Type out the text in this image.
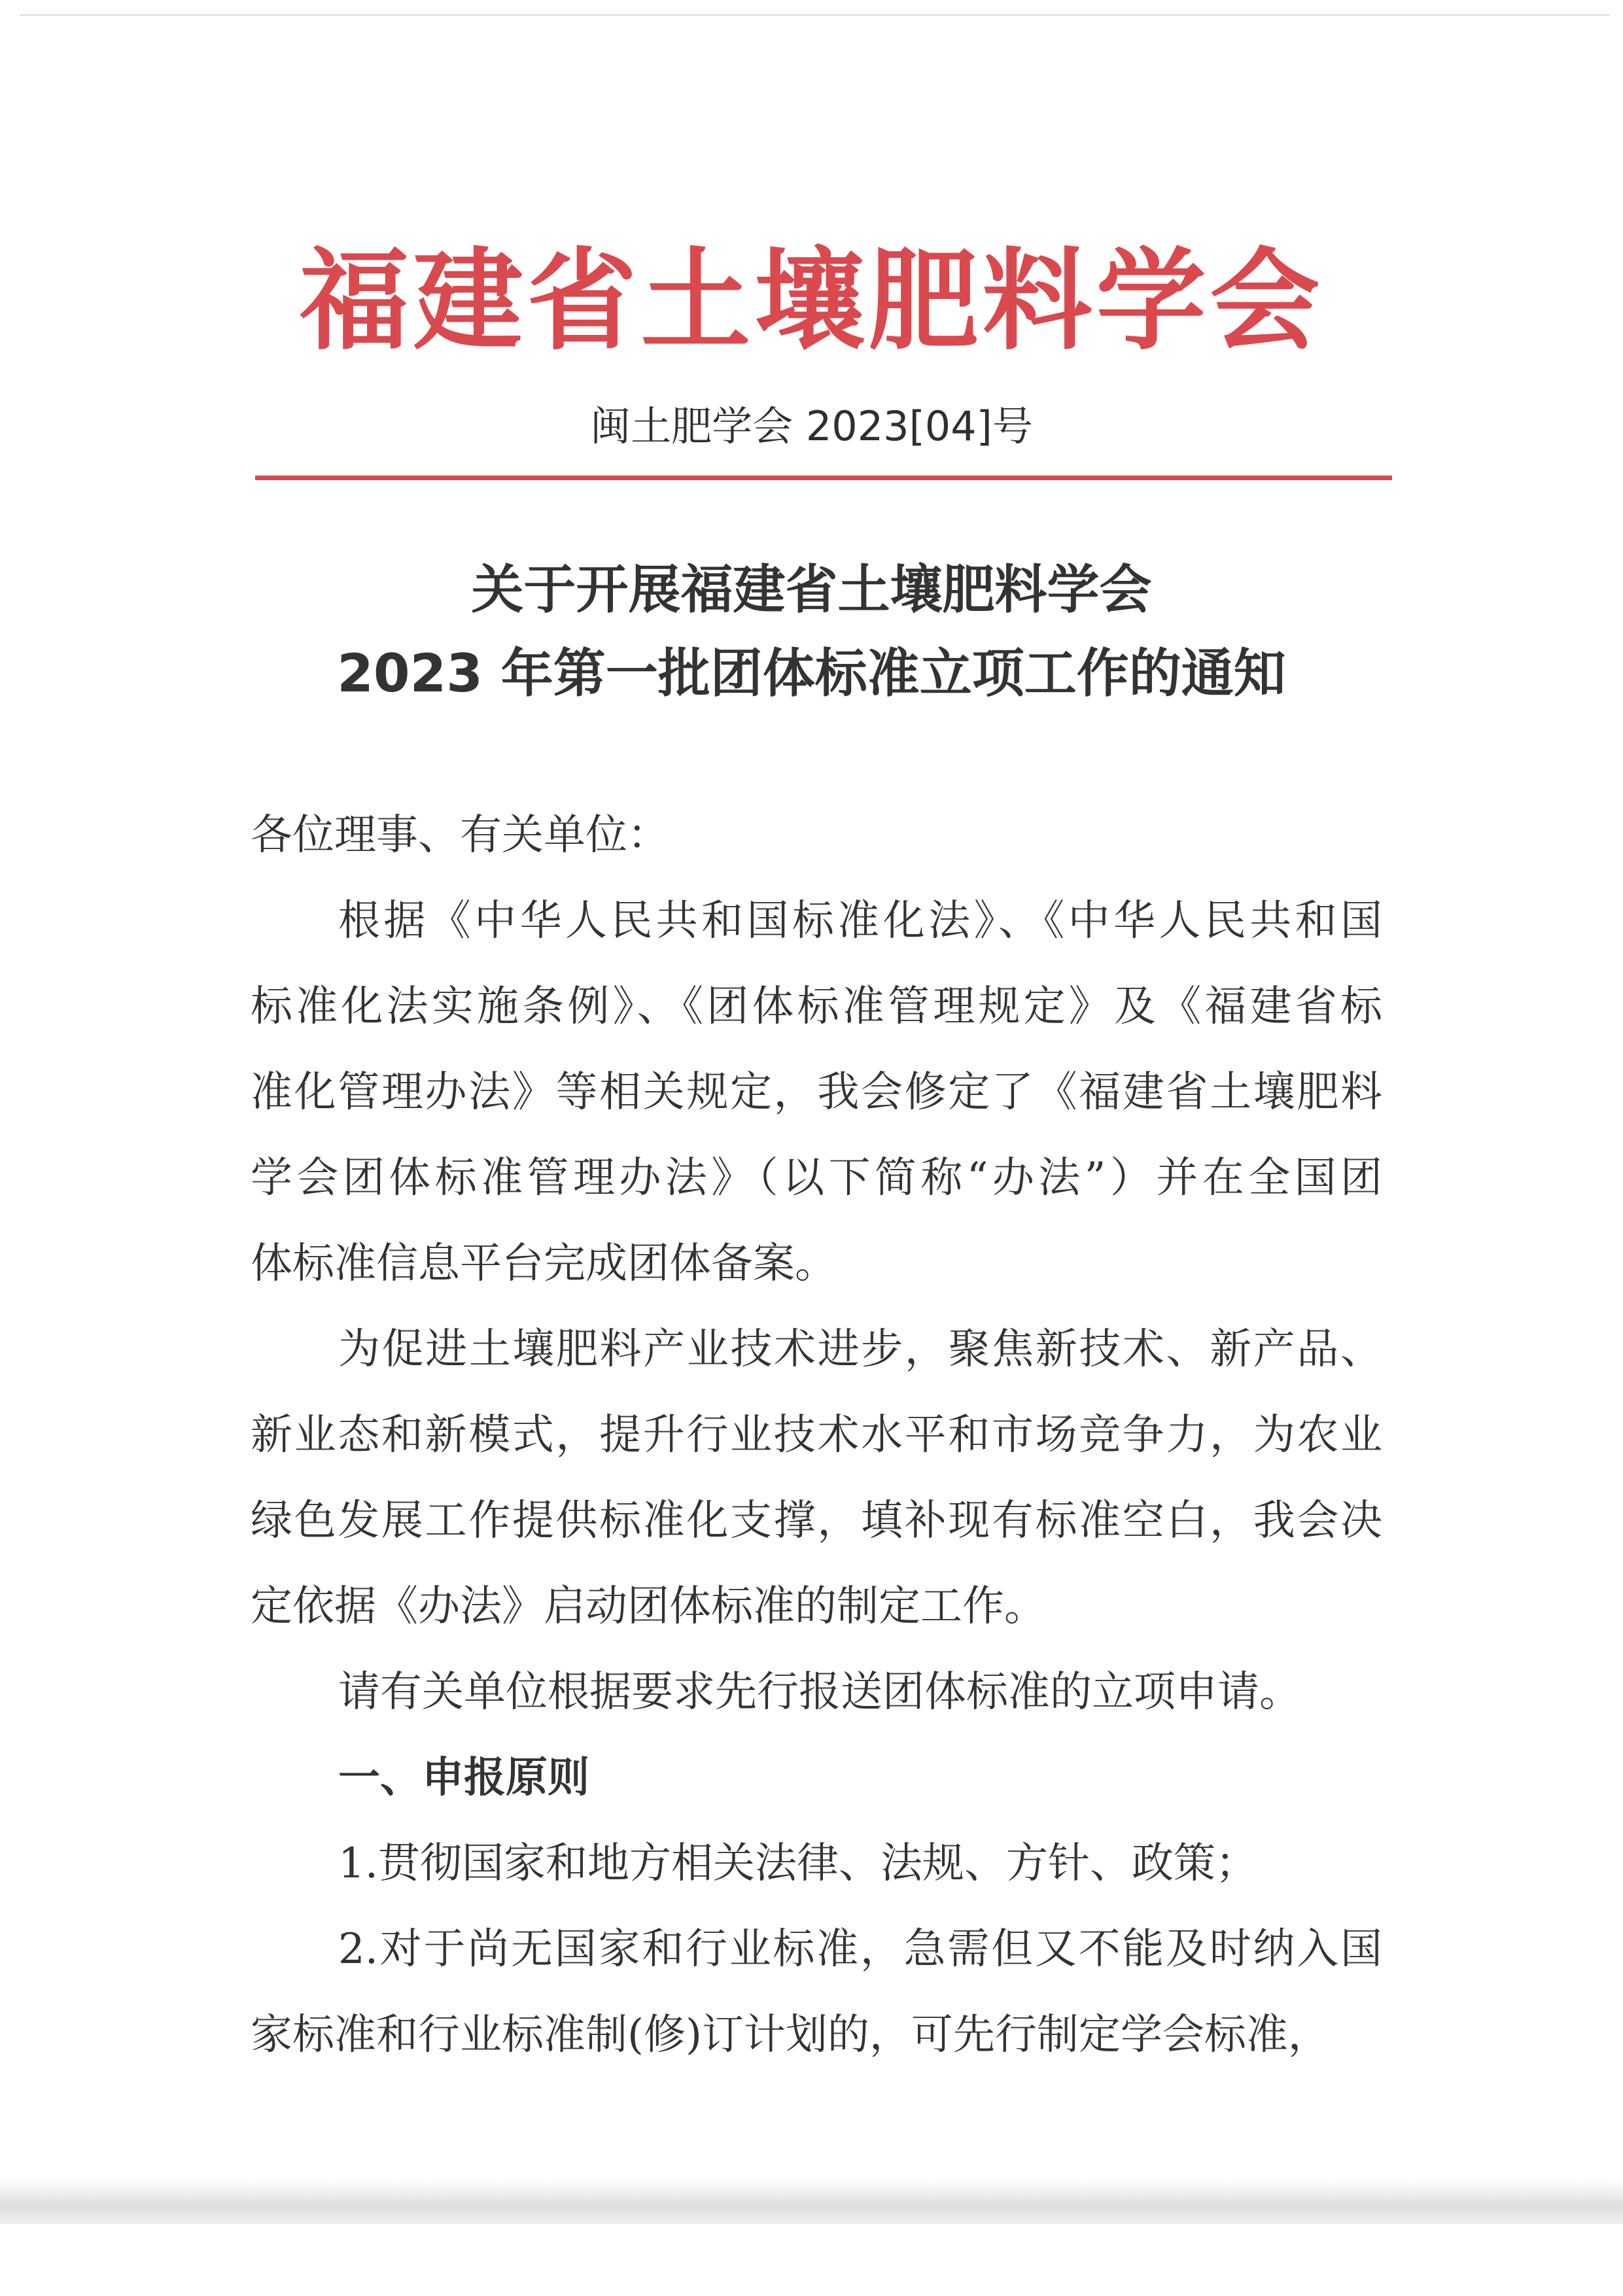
福建省土壤肥料学会
闽土肥学会 2023[04]号
关于开展福建省土壤肥料学会
2023 年第一批团体标准立项工作的通知
各位理事、有关单位：
根据《中华人民共和国标准化法》、《中华人民共和国
标准化法实施条例》、《团体标准管理规定》及《福建省标
准化管理办法》等相关规定，我会修定了《福建省土壤肥料
学会团体标准管理办法》（以下简称“办法”）并在全国团
体标准信息平台完成团体备案。
为促进土壤肥料产业技术进步，聚焦新技术、新产品、
新业态和新模式，提升行业技术水平和市场竞争力，为农业
绿色发展工作提供标准化支撑，填补现有标准空白，我会决
定依据《办法》启动团体标准的制定工作。
请有关单位根据要求先行报送团体标准的立项申请。
一、申报原则
1.贯彻国家和地方相关法律、法规、方针、政策；
2.对于尚无国家和行业标准，急需但又不能及时纳入国
家标准和行业标准制(修)订计划的，可先行制定学会标准，
